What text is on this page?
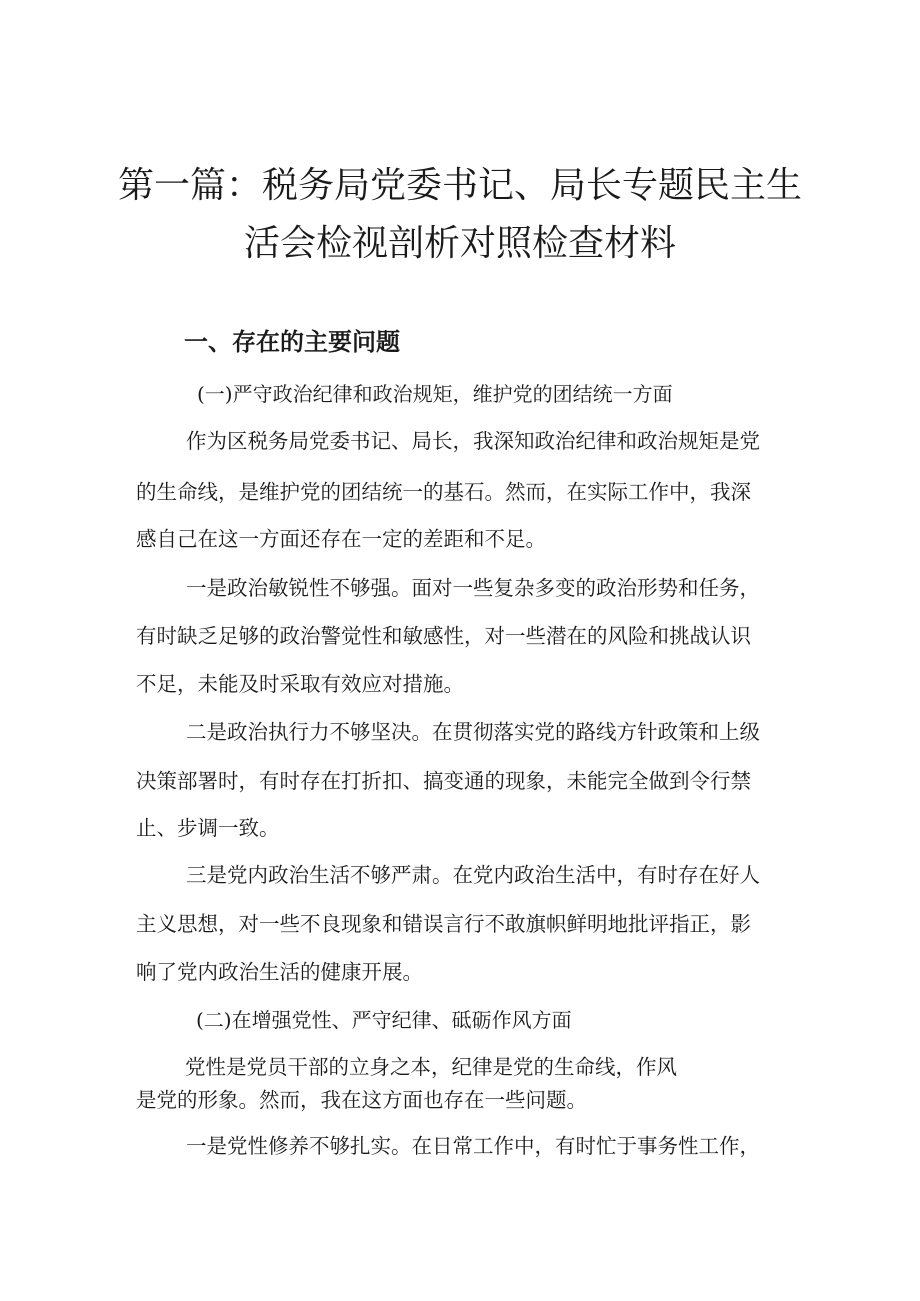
第一篇：税务局党委书记、局长专题民主生
活会检视剖析对照检查材料
一、存在的主要问题
(一)严守政治纪律和政治规矩，维护党的团结统一方面
作为区税务局党委书记、局长，我深知政治纪律和政治规矩是党
的生命线，是维护党的团结统一的基石。然而，在实际工作中，我深
感自己在这一方面还存在一定的差距和不足。
一是政治敏锐性不够强。面对一些复杂多变的政治形势和任务，
有时缺乏足够的政治警觉性和敏感性，对一些潜在的风险和挑战认识
不足，未能及时采取有效应对措施。
二是政治执行力不够坚决。在贯彻落实党的路线方针政策和上级
决策部署时，有时存在打折扣、搞变通的现象，未能完全做到令行禁
止、步调一致。
三是党内政治生活不够严肃。在党内政治生活中，有时存在好人
主义思想，对一些不良现象和错误言行不敢旗帜鲜明地批评指正，影
响了党内政治生活的健康开展。
(二)在增强党性、严守纪律、砥砺作风方面
党性是党员干部的立身之本，纪律是党的生命线，作风
是党的形象。然而，我在这方面也存在一些问题。
一是党性修养不够扎实。在日常工作中，有时忙于事务性工作，
